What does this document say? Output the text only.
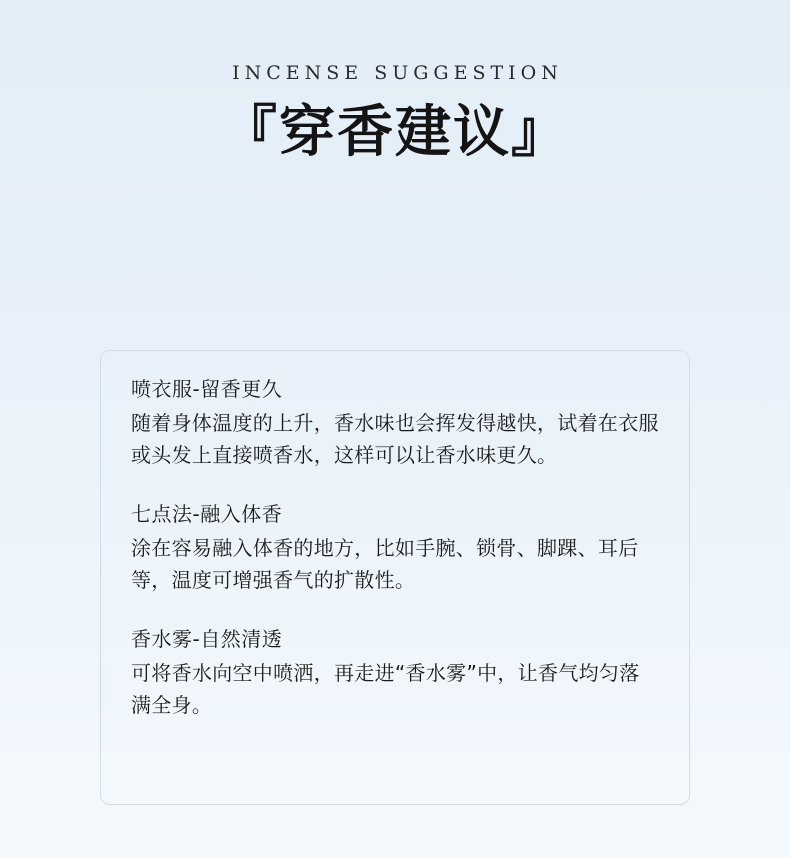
INCENSE SUGGESTION

『穿香建议』

喷衣服-留香更久

随着身体温度的上升，香水味也会挥发得越快，试着在衣服或头发上直接喷香水，这样可以让香水味更久。

七点法-融入体香

涂在容易融入体香的地方，比如手腕、锁骨、脚踝、耳后等，温度可增强香气的扩散性。

香水雾-自然清透

可将香水向空中喷洒，再走进“香水雾”中，让香气均匀落满全身。
